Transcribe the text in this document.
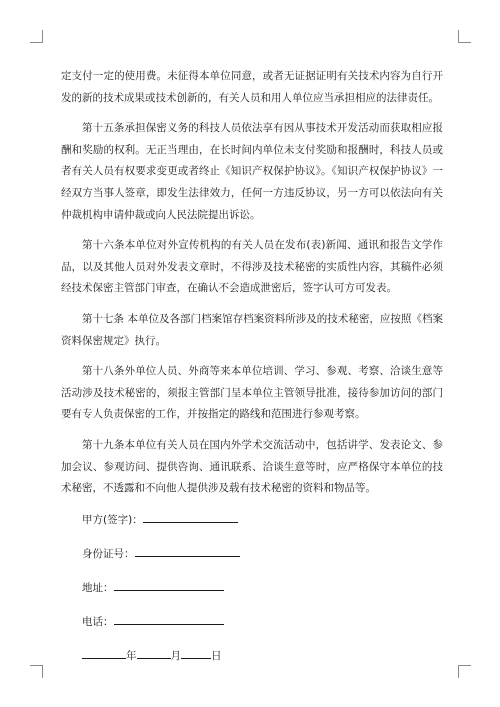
定支付一定的使用费。未征得本单位同意，或者无证据证明有关技术内容为自行开发的新的技术成果或技术创新的，有关人员和用人单位应当承担相应的法律责任。

第十五条承担保密义务的科技人员依法享有因从事技术开发活动而获取相应报酬和奖励的权利。无正当理由，在长时间内单位未支付奖励和报酬时，科技人员或者有关人员有权要求变更或者终止《知识产权保护协议》。《知识产权保护协议》一经双方当事人签章，即发生法律效力，任何一方违反协议，另一方可以依法向有关仲裁机构申请仲裁或向人民法院提出诉讼。

第十六条本单位对外宣传机构的有关人员在发布(表)新闻、通讯和报告文学作品，以及其他人员对外发表文章时，不得涉及技术秘密的实质性内容，其稿件必须经技术保密主管部门审查，在确认不会造成泄密后，签字认可方可发表。

第十七条 本单位及各部门档案馆存档案资料所涉及的技术秘密，应按照《档案资料保密规定》执行。

第十八条外单位人员、外商等来本单位培训、学习、参观、考察、洽谈生意等活动涉及技术秘密的，须报主管部门呈本单位主管领导批准，接待参加访问的部门要有专人负责保密的工作，并按指定的路线和范围进行参观考察。

第十九条本单位有关人员在国内外学术交流活动中，包括讲学、发表论文、参加会议、参观访问、提供咨询、通讯联系、洽谈生意等时，应严格保守本单位的技术秘密，不透露和不向他人提供涉及载有技术秘密的资料和物品等。

甲方(签字)：
身份证号：
地址：
电话：
年	月	日
